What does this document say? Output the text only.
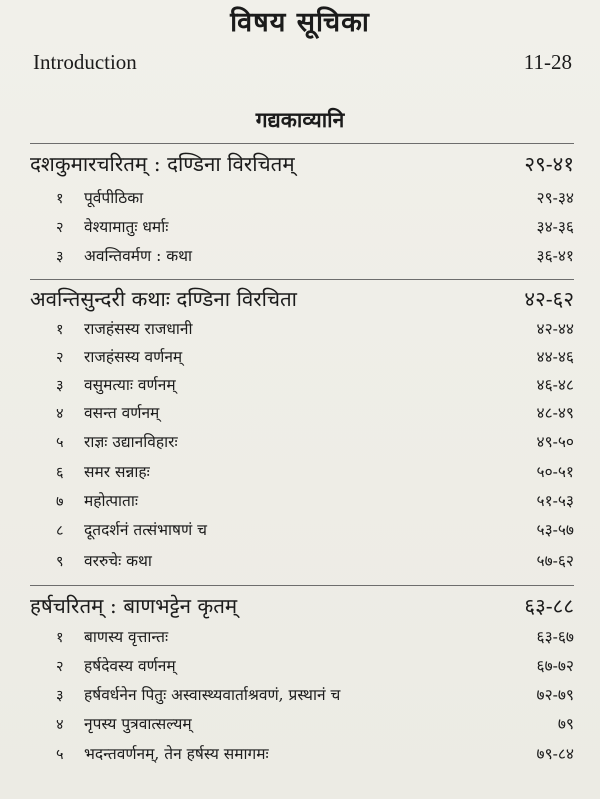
विषय सूचिका
Introduction	11-28
गद्यकाव्यानि
दशकुमारचरितम् : दण्डिना विरचितम्	२९-४१
१	पूर्वपीठिका	२९-३४
२	वेश्यामातुः धर्माः	३४-३६
३	अवन्तिवर्मण : कथा	३६-४१
अवन्तिसुन्दरी कथाः दण्डिना विरचिता	४२-६२
१	राजहंसस्य राजधानी	४२-४४
२	राजहंसस्य वर्णनम्	४४-४६
३	वसुमत्याः वर्णनम्	४६-४८
४	वसन्त वर्णनम्	४८-४९
५	राज्ञः उद्यानविहारः	४९-५०
६	समर सन्नाहः	५०-५१
७	महोत्पाताः	५१-५३
८	दूतदर्शनं तत्संभाषणं च	५३-५७
९	वररुचेः कथा	५७-६२
हर्षचरितम् : बाणभट्टेन कृतम्	६३-८८
१	बाणस्य वृत्तान्तः	६३-६७
२	हर्षदेवस्य वर्णनम्	६७-७२
३	हर्षवर्धनेन पितुः अस्वास्थ्यवार्ताश्रवणं, प्रस्थानं च	७२-७९
४	नृपस्य पुत्रवात्सल्यम्	७९
५	भदन्तवर्णनम्, तेन हर्षस्य समागमः	७९-८४
